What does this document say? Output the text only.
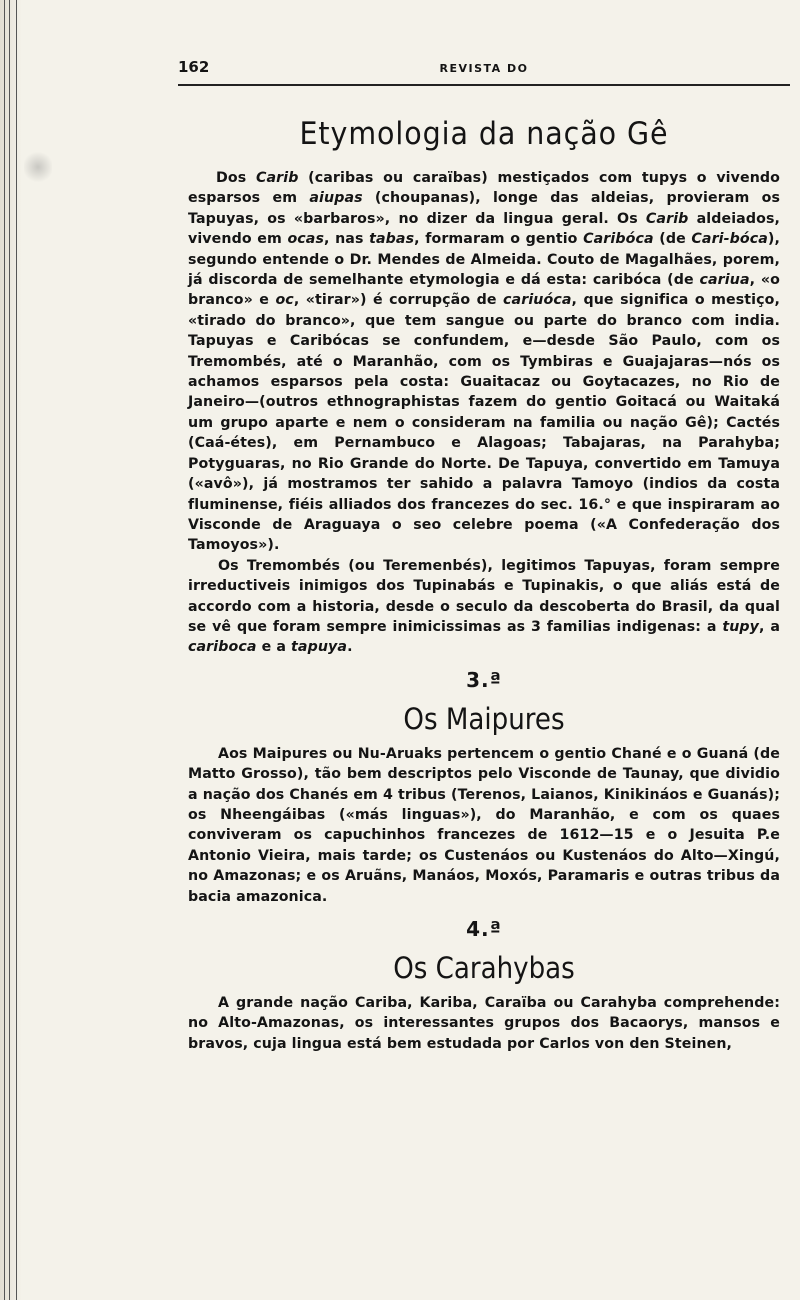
162	REVISTA DO
Etymologia da nação Gê

Dos Carib (caribas ou caraïbas) mestiçados com tupys o vivendo esparsos em aiupas (choupanas), longe das aldeias, provieram os Tapuyas, os «barbaros», no dizer da lingua geral. Os Carib aldeiados, vivendo em ocas, nas tabas, formaram o gentio Caribóca (de Cari-bóca), segundo entende o Dr. Mendes de Almeida. Couto de Magalhães, porem, já discorda de semelhante etymologia e dá esta: caribóca (de cariua, «o branco» e oc, «tirar») é corrupção de cariuóca, que significa o mestiço, «tirado do branco», que tem sangue ou parte do branco com india. Tapuyas e Caribócas se confundem, e—desde São Paulo, com os Tremombés, até o Maranhão, com os Tymbiras e Guajajaras—nós os achamos esparsos pela costa: Guaitacaz ou Goytacazes, no Rio de Janeiro—(outros ethnographistas fazem do gentio Goitacá ou Waitaká um grupo aparte e nem o consideram na familia ou nação Gê); Cactés (Caá-étes), em Pernambuco e Alagoas; Tabajaras, na Parahyba; Potyguaras, no Rio Grande do Norte. De Tapuya, convertido em Tamuya («avô»), já mostramos ter sahido a palavra Tamoyo (indios da costa fluminense, fiéis alliados dos francezes do sec. 16.° e que inspiraram ao Visconde de Araguaya o seo celebre poema («A Confederação dos Tamoyos»).

Os Tremombés (ou Teremenbés), legitimos Tapuyas, foram sempre irreductiveis inimigos dos Tupinabás e Tupinakis, o que aliás está de accordo com a historia, desde o seculo da descoberta do Brasil, da qual se vê que foram sempre inimicissimas as 3 familias indigenas: a tupy, a cariboca e a tapuya.

3.ª
Os Maipures

Aos Maipures ou Nu-Aruaks pertencem o gentio Chané e o Guaná (de Matto Grosso), tão bem descriptos pelo Visconde de Taunay, que dividio a nação dos Chanés em 4 tribus (Terenos, Laianos, Kinikináos e Guanás); os Nheengáibas («más linguas»), do Maranhão, e com os quaes conviveram os capuchinhos francezes de 1612—15 e o Jesuita P.e Antonio Vieira, mais tarde; os Custenáos ou Kustenáos do Alto—Xingú, no Amazonas; e os Aruãns, Manáos, Moxós, Paramaris e outras tribus da bacia amazonica.

4.ª
Os Carahybas

A grande nação Cariba, Kariba, Caraïba ou Carahyba comprehende: no Alto-Amazonas, os interessantes grupos dos Bacaorys, mansos e bravos, cuja lingua está bem estudada por Carlos von den Steinen,
